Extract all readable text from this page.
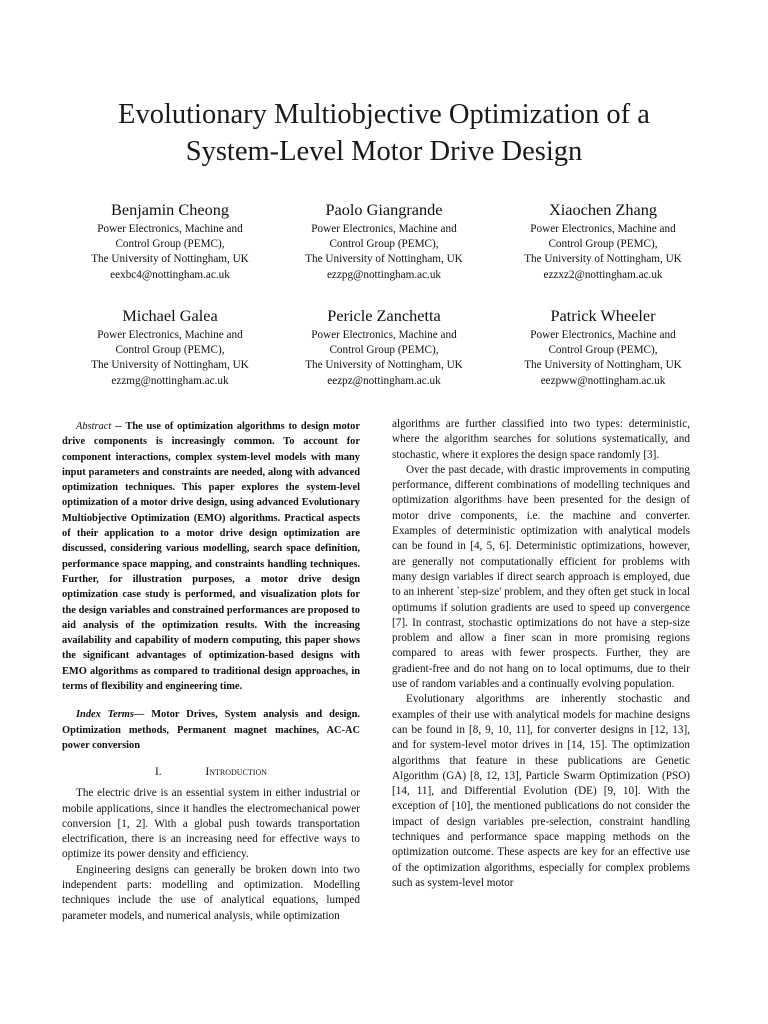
Evolutionary Multiobjective Optimization of a
System-Level Motor Drive Design
Benjamin Cheong
Power Electronics, Machine and
Control Group (PEMC),
The University of Nottingham, UK
eexbc4@nottingham.ac.uk
Paolo Giangrande
Power Electronics, Machine and
Control Group (PEMC),
The University of Nottingham, UK
ezzpg@nottingham.ac.uk
Xiaochen Zhang
Power Electronics, Machine and
Control Group (PEMC),
The University of Nottingham, UK
ezzxz2@nottingham.ac.uk
Michael Galea
Power Electronics, Machine and
Control Group (PEMC),
The University of Nottingham, UK
ezzmg@nottingham.ac.uk
Pericle Zanchetta
Power Electronics, Machine and
Control Group (PEMC),
The University of Nottingham, UK
eezpz@nottingham.ac.uk
Patrick Wheeler
Power Electronics, Machine and
Control Group (PEMC),
The University of Nottingham, UK
eezpww@nottingham.ac.uk

Abstract -- The use of optimization algorithms to design motor drive components is increasingly common. To account for component interactions, complex system-level models with many input parameters and constraints are needed, along with advanced optimization techniques. This paper explores the system-level optimization of a motor drive design, using advanced Evolutionary Multiobjective Optimization (EMO) algorithms. Practical aspects of their application to a motor drive design optimization are discussed, considering various modelling, search space definition, performance space mapping, and constraints handling techniques. Further, for illustration purposes, a motor drive design optimization case study is performed, and visualization plots for the design variables and constrained performances are proposed to aid analysis of the optimization results. With the increasing availability and capability of modern computing, this paper shows the significant advantages of optimization-based designs with EMO algorithms as compared to traditional design approaches, in terms of flexibility and engineering time.

Index Terms— Motor Drives, System analysis and design. Optimization methods, Permanent magnet machines, AC-AC power conversion

I.	Introduction

The electric drive is an essential system in either industrial or mobile applications, since it handles the electromechanical power conversion [1, 2]. With a global push towards transportation electrification, there is an increasing need for effective ways to optimize its power density and efficiency.

Engineering designs can generally be broken down into two independent parts: modelling and optimization. Modelling techniques include the use of analytical equations, lumped parameter models, and numerical analysis, while optimization

algorithms are further classified into two types: deterministic, where the algorithm searches for solutions systematically, and stochastic, where it explores the design space randomly [3].

Over the past decade, with drastic improvements in computing performance, different combinations of modelling techniques and optimization algorithms have been presented for the design of motor drive components, i.e. the machine and converter. Examples of deterministic optimization with analytical models can be found in [4, 5, 6]. Deterministic optimizations, however, are generally not computationally efficient for problems with many design variables if direct search approach is employed, due to an inherent `step-size' problem, and they often get stuck in local optimums if solution gradients are used to speed up convergence [7]. In contrast, stochastic optimizations do not have a step-size problem and allow a finer scan in more promising regions compared to areas with fewer prospects. Further, they are gradient-free and do not hang on to local optimums, due to their use of random variables and a continually evolving population.

Evolutionary algorithms are inherently stochastic and examples of their use with analytical models for machine designs can be found in [8, 9, 10, 11], for converter designs in [12, 13], and for system-level motor drives in [14, 15]. The optimization algorithms that feature in these publications are Genetic Algorithm (GA) [8, 12, 13], Particle Swarm Optimization (PSO) [14, 11], and Differential Evolution (DE) [9, 10]. With the exception of [10], the mentioned publications do not consider the impact of design variables pre-selection, constraint handling techniques and performance space mapping methods on the optimization outcome. These aspects are key for an effective use of the optimization algorithms, especially for complex problems such as system-level motor
